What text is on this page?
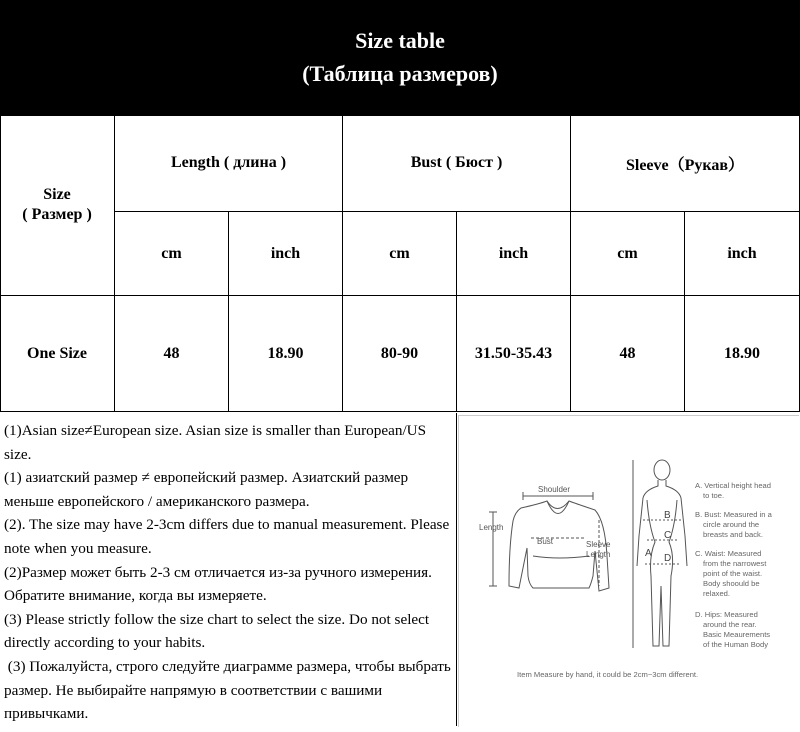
Size table
(Таблица размеров)
Size
( Размер )
Length ( длина )	Bust ( Бюст )	Sleeve（Рукав）
cm	inch	cm	inch	cm	inch
One Size	48	18.90	80-90	31.50-35.43	48	18.90

(1)Asian size≠European size. Asian size is smaller than European/US size.

(1) азиатский размер ≠ европейский размер. Азиатский размер меньше европейского / американского размера.

(2). The size may have 2-3cm differs due to manual measurement. Please note when you measure.

(2)Размер может быть 2-3 см отличается из-за ручного измерения. Обратите внимание, когда вы измеряете.

(3) Please strictly follow the size chart to select the size. Do not select directly according to your habits.

(3) Пожалуйста, строго следуйте диаграмме размера, чтобы выбрать размер. Не выбирайте напрямую в соответствии с вашими привычками.

Shoulder
Length
Bust	Sleeve
Length	A
B
C
D
A. Vertical height head
to toe.
B. Bust: Measured in a
circle around the
breasts and back.
C. Waist: Measured
from the narrowest
point of the waist.
Body shoould be
relaxed.
D. Hips: Measured
around the rear.
Basic Meaurements
of the Human Body
Item Measure by hand, it could be 2cm~3cm different.
